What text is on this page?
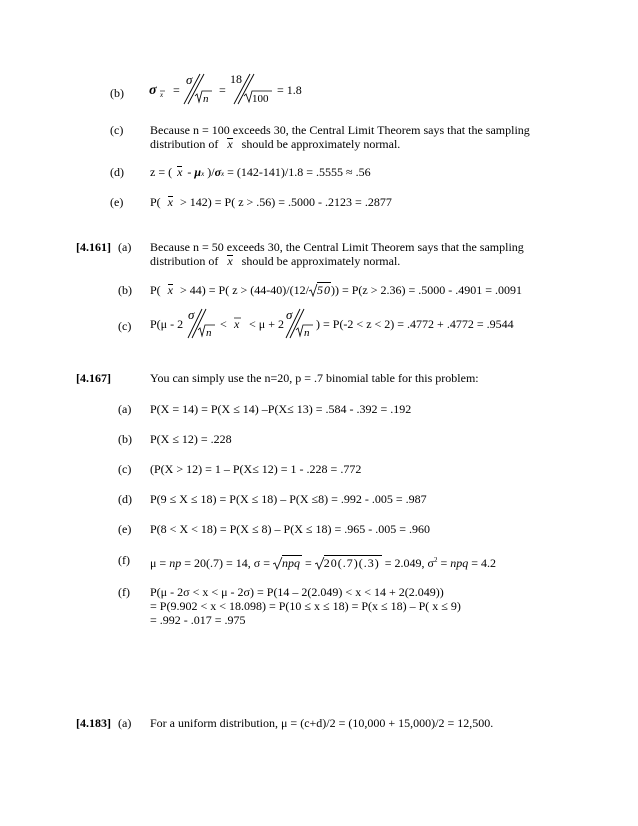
(b) σ x =
σ
n
=
18
100
= 1.8
(c) Because n = 100 exceeds 30, the Central Limit Theorem says that the sampling
distribution of x should be approximately normal.
(d) z = ( x - μx )/σx = (142-141)/1.8 = .5555 ≈ .56
(e) P( x > 142) = P( z > .56) = .5000 - .2123 = .2877
[4.161] (a) Because n = 50 exceeds 30, the Central Limit Theorem says that the sampling
distribution of x should be approximately normal.
(b) P( x > 44) = P( z > (44-40)/(12/ 50)) = P(z > 2.36) = .5000 - .4901 = .0091
(c) P(μ - 2
σ
n
< x < μ + 2
σ
n
) = P(-2 < z < 2) = .4772 + .4772 = .9544
[4.167]	You can simply use the n=20, p = .7 binomial table for this problem:
(a) P(X = 14) = P(X ≤ 14) –P(X≤ 13) = .584 - .392 = .192
(b) P(X ≤ 12) = .228
(c) (P(X > 12) = 1 – P(X≤ 12) = 1 - .228 = .772
(d) P(9 ≤ X ≤ 18) = P(X ≤ 18) – P(X ≤8) = .992 - .005 = .987
(e) P(8 < X < 18) = P(X ≤ 8) – P(X ≤ 18) = .965 - .005 = .960
(f) μ = np = 20(.7) = 14, σ = npq = 20(.7)(.3) = 2.049, $\sigma^2$ = npq = 4.2
(f) P(μ - 2σ < x < μ - 2σ) = P(14 – 2(2.049) < x < 14 + 2(2.049))
= P(9.902 < x < 18.098) = P(10 ≤ x ≤ 18) = P(x ≤ 18) – P( x ≤ 9)
= .992 - .017 = .975
[4.183] (a) For a uniform distribution, μ = (c+d)/2 = (10,000 + 15,000)/2 = 12,500.
